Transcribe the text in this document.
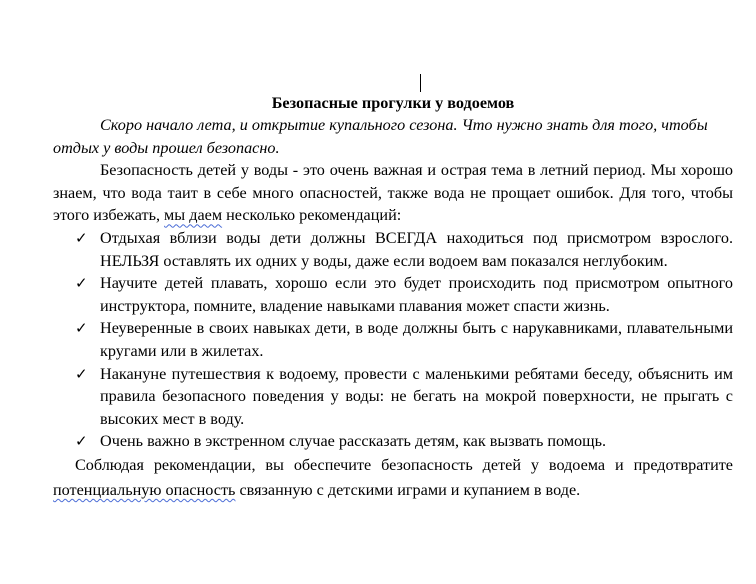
Безопасные прогулки у водоемов

Скоро начало лета, и открытие купального сезона. Что нужно знать для того, чтобы отдых у воды прошел безопасно.

Безопасность детей у воды - это очень важная и острая тема в летний период. Мы хорошо знаем, что вода таит в себе много опасностей, также вода не прощает ошибок. Для того, чтобы этого избежать, мы даем несколько рекомендаций:

✓ Отдыхая вблизи воды дети должны ВСЕГДА находиться под присмотром взрослого. НЕЛЬЗЯ оставлять их одних у воды, даже если водоем вам показался неглубоким.
✓ Научите детей плавать, хорошо если это будет происходить под присмотром опытного инструктора, помните, владение навыками плавания может спасти жизнь.
✓ Неуверенные в своих навыках дети, в воде должны быть с нарукавниками, плавательными кругами или в жилетах.
✓ Накануне путешествия к водоему, провести с маленькими ребятами беседу, объяснить им правила безопасного поведения у воды: не бегать на мокрой поверхности, не прыгать с высоких мест в воду.
✓ Очень важно в экстренном случае рассказать детям, как вызвать помощь.

Соблюдая рекомендации, вы обеспечите безопасность детей у водоема и предотвратите потенциальную опасность связанную с детскими играми и купанием в воде.
